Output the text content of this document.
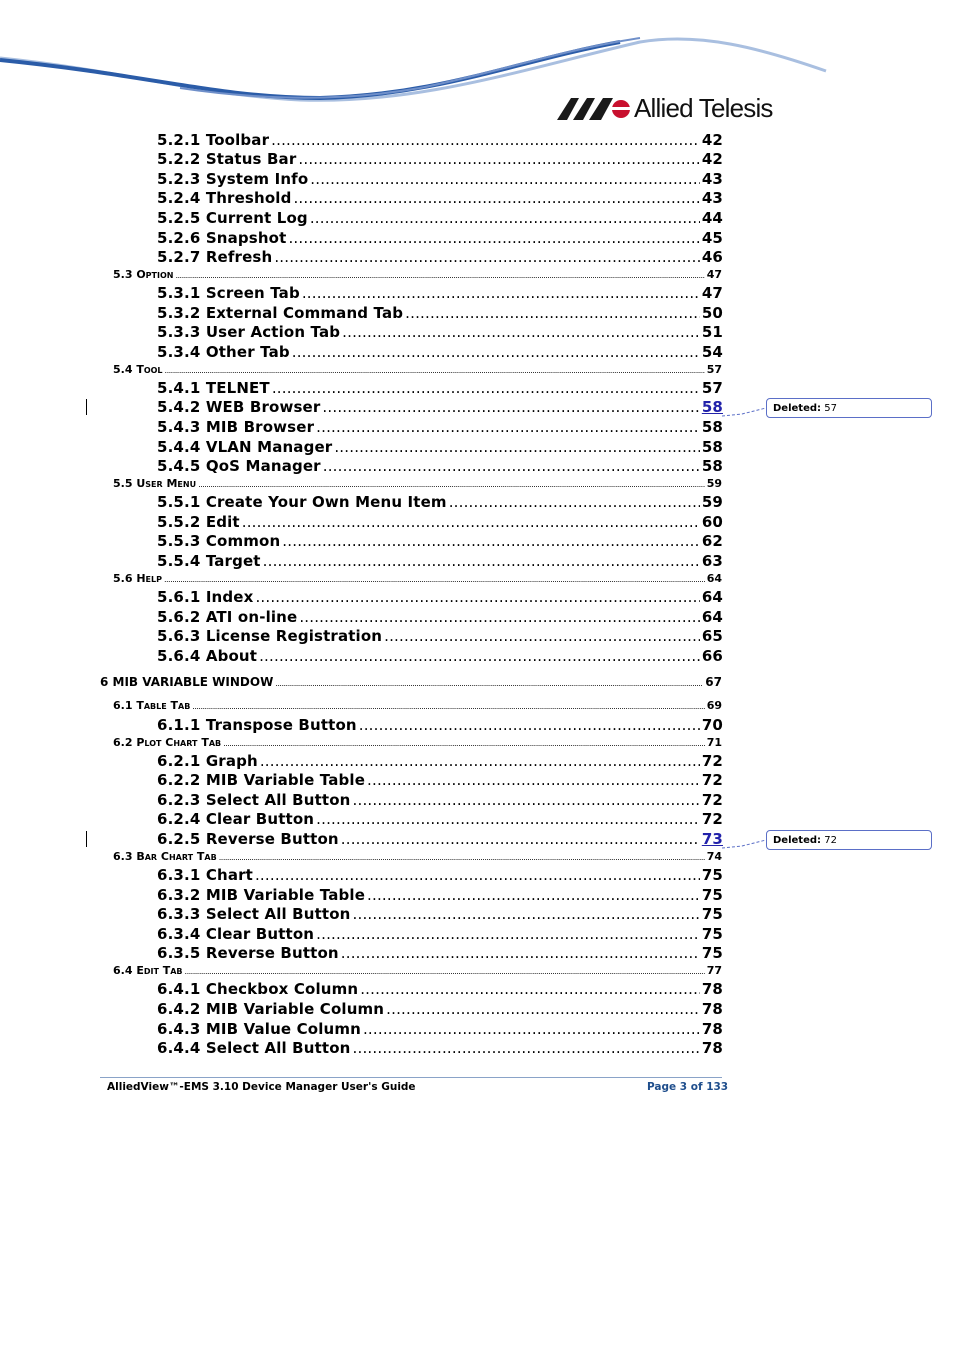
Allied Telesis
5.2.1 Toolbar .....	42
5.2.2 Status Bar .....	42
5.2.3 System Info .....	43
5.2.4 Threshold .....	43
5.2.5 Current Log .....	44
5.2.6 Snapshot .....	45
5.2.7 Refresh .....	46
5.3 Option .....	47
5.3.1 Screen Tab .....	47
5.3.2 External Command Tab .....	50
5.3.3 User Action Tab .....	51
5.3.4 Other Tab .....	54
5.4 Tool .....	57
5.4.1 TELNET .....	57
5.4.2 WEB Browser .....	58
5.4.3 MIB Browser .....	58
5.4.4 VLAN Manager .....	58
5.4.5 QoS Manager .....	58
5.5 User Menu .....	59
5.5.1 Create Your Own Menu Item .....	59
5.5.2 Edit .....	60
5.5.3 Common .....	62
5.5.4 Target .....	63
5.6 Help .....	64
5.6.1 Index .....	64
5.6.2 ATI on-line .....	64
5.6.3 License Registration .....	65
5.6.4 About .....	66
6 MIB VARIABLE WINDOW .....	67
6.1 Table Tab .....	69
6.1.1 Transpose Button .....	70
6.2 Plot Chart Tab .....	71
6.2.1 Graph .....	72
6.2.2 MIB Variable Table .....	72
6.2.3 Select All Button .....	72
6.2.4 Clear Button .....	72
6.2.5 Reverse Button .....	73
6.3 Bar Chart Tab .....	74
6.3.1 Chart .....	75
6.3.2 MIB Variable Table .....	75
6.3.3 Select All Button .....	75
6.3.4 Clear Button .....	75
6.3.5 Reverse Button .....	75
6.4 Edit Tab .....	77
6.4.1 Checkbox Column .....	78
6.4.2 MIB Variable Column .....	78
6.4.3 MIB Value Column .....	78
6.4.4 Select All Button .....	78
Deleted: 57
Deleted: 72
AlliedView™-EMS 3.10 Device Manager User's Guide	Page 3 of 133
